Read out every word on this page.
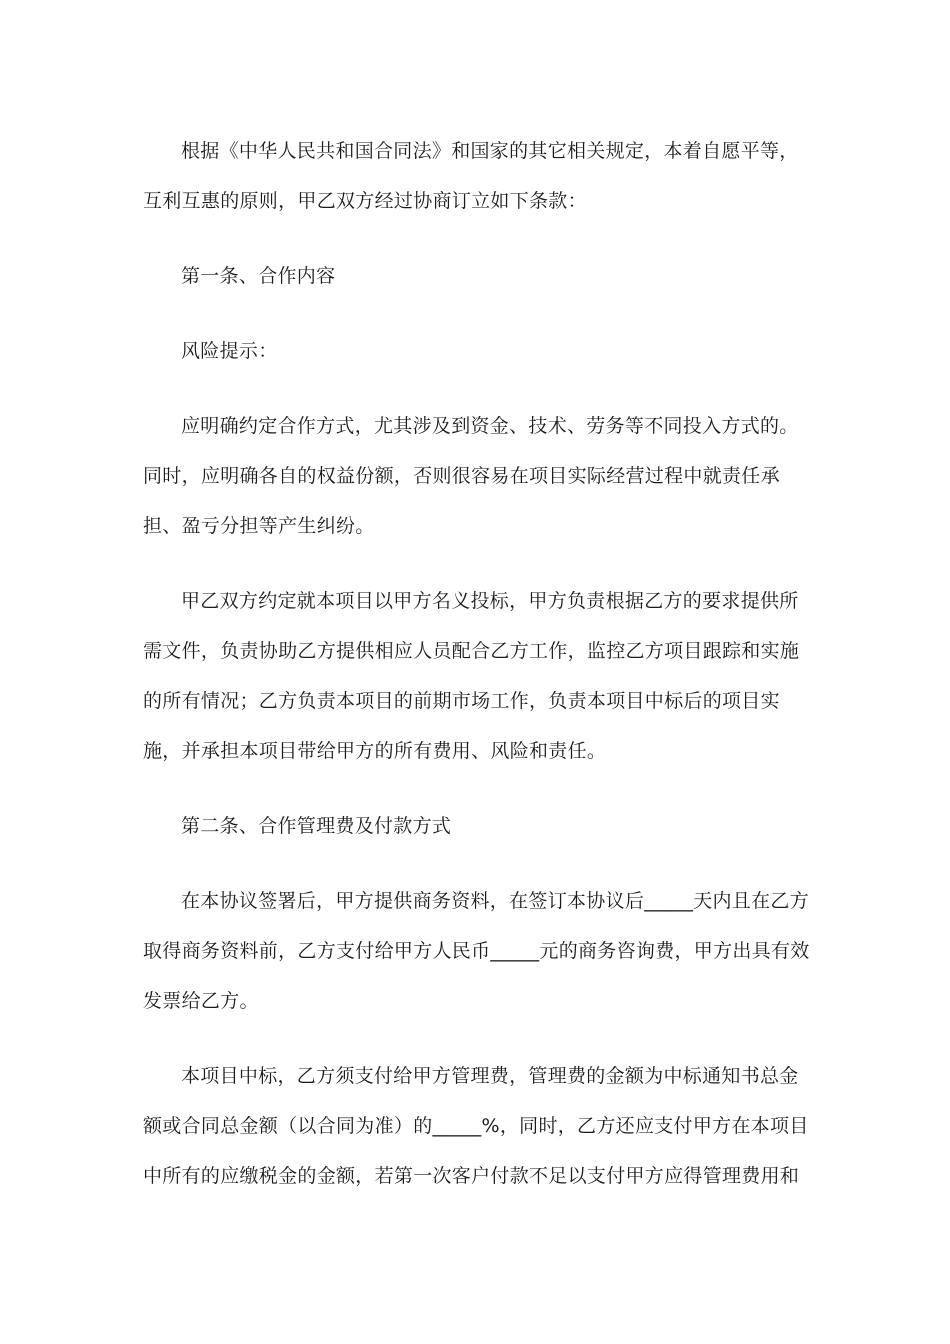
根据《中华人民共和国合同法》和国家的其它相关规定，本着自愿平等，互利互惠的原则，甲乙双方经过协商订立如下条款：

第一条、合作内容

风险提示：

应明确约定合作方式，尤其涉及到资金、技术、劳务等不同投入方式的。同时，应明确各自的权益份额，否则很容易在项目实际经营过程中就责任承担、盈亏分担等产生纠纷。

甲乙双方约定就本项目以甲方名义投标，甲方负责根据乙方的要求提供所需文件，负责协助乙方提供相应人员配合乙方工作，监控乙方项目跟踪和实施的所有情况；乙方负责本项目的前期市场工作，负责本项目中标后的项目实施，并承担本项目带给甲方的所有费用、风险和责任。

第二条、合作管理费及付款方式

在本协议签署后，甲方提供商务资料，在签订本协议后_____天内且在乙方取得商务资料前，乙方支付给甲方人民币_____元的商务咨询费，甲方出具有效发票给乙方。

本项目中标，乙方须支付给甲方管理费，管理费的金额为中标通知书总金额或合同总金额（以合同为准）的_____%，同时，乙方还应支付甲方在本项目中所有的应缴税金的金额，若第一次客户付款不足以支付甲方应得管理费用和
